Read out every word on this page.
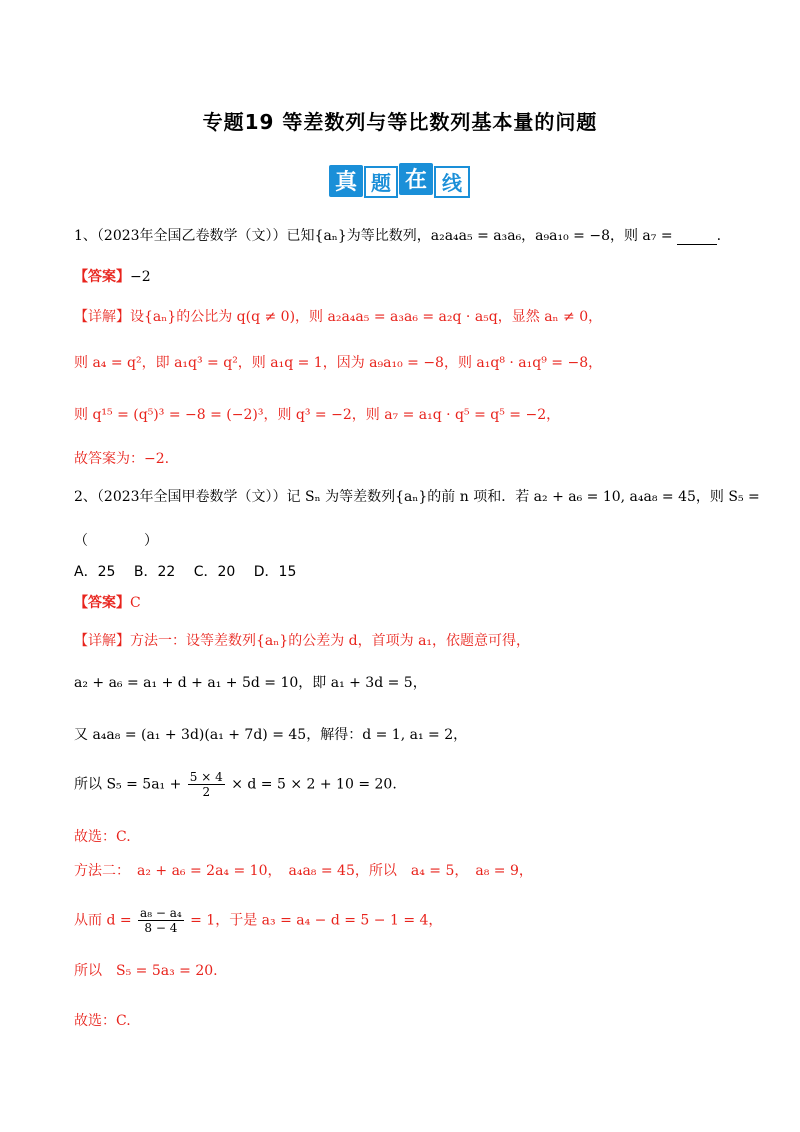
专题19 等差数列与等比数列基本量的问题
真 题 在 线
1、（2023年全国乙卷数学（文））已知{aₙ}为等比数列，a₂a₄a₅ = a₃a₆，a₉a₁₀ = −8，则 a₇ =	.
【答案】−2
【详解】设{aₙ}的公比为 q(q ≠ 0)，则 a₂a₄a₅ = a₃a₆ = a₂q · a₅q，显然 aₙ ≠ 0，
则 a₄ = q²，即 a₁q³ = q²，则 a₁q = 1，因为 a₉a₁₀ = −8，则 a₁q⁸ · a₁q⁹ = −8，
则 q¹⁵ = (q⁵)³ = −8 = (−2)³，则 q³ = −2，则 a₇ = a₁q · q⁵ = q⁵ = −2，
故答案为：−2.
2、（2023年全国甲卷数学（文））记 Sₙ 为等差数列{aₙ}的前 n 项和．若 a₂ + a₆ = 10, a₄a₈ = 45，则 S₅ =
（　　　　）
A．25　 B．22　 C．20　 D．15
【答案】C
【详解】方法一：设等差数列{aₙ}的公差为 d，首项为 a₁，依题意可得，
a₂ + a₆ = a₁ + d + a₁ + 5d = 10，即 a₁ + 3d = 5，
又 a₄a₈ = (a₁ + 3d)(a₁ + 7d) = 45，解得：d = 1, a₁ = 2，
所以 $S_5 = 5a_1 + \frac{5 \times 4}{2} \times d = 5 \times 2 + 10 = 20$.
故选：C.
方法二：　a₂ + a₆ = 2a₄ = 10，　a₄a₈ = 45，所以　a₄ = 5，　a₈ = 9，
从而 $d = \frac{\text{a₈ − a₄}}{8 - 4} = 1$，于是 a₃ = a₄ − d = 5 − 1 = 4，
所以　S₅ = 5a₃ = 20.
故选：C.
